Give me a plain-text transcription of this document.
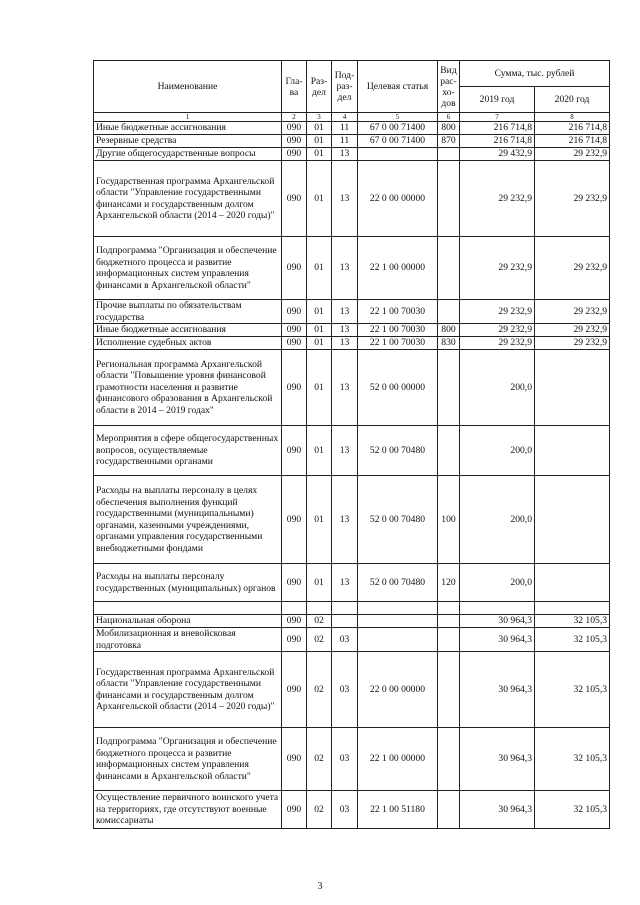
Наименование	Гла-ва	Раз-дел	Под-раз-дел	Целевая статья	Вид рас-хо-дов	Сумма, тыс. рублей	
						2019 год	2020 год
1	2	3	4	5	6	7	8
Иные бюджетные ассигнования	090	01	11	67 0 00 71400	800	216 714,8	216 714,8
Резервные средства	090	01	11	67 0 00 71400	870	216 714,8	216 714,8
Другие общегосударственные вопросы	090	01	13			29 432,9	29 232,9
Государственная программа Архангельской области "Управление государственными финансами и государственным долгом Архангельской области (2014 – 2020 годы)"	090	01	13	22 0 00 00000		29 232,9	29 232,9
Подпрограмма "Организация и обеспечение бюджетного процесса и развитие информационных систем управления финансами в Архангельской области"	090	01	13	22 1 00 00000		29 232,9	29 232,9
Прочие выплаты по обязательствам государства	090	01	13	22 1 00 70030		29 232,9	29 232,9
Иные бюджетные ассигнования	090	01	13	22 1 00 70030	800	29 232,9	29 232,9
Исполнение судебных актов	090	01	13	22 1 00 70030	830	29 232,9	29 232,9
Региональная программа Архангельской области "Повышение уровня финансовой грамотности населения и развитие финансового образования в Архангельской области в 2014 – 2019 годах"	090	01	13	52 0 00 00000		200,0	
Мероприятия в сфере общегосударственных вопросов, осуществляемые государственными органами	090	01	13	52 0 00 70480		200,0	
Расходы на выплаты персоналу в целях обеспечения выполнения функций государственными (муниципальными) органами, казенными учреждениями, органами управления государственными внебюджетными фондами	090	01	13	52 0 00 70480	100	200,0	
Расходы на выплаты персоналу государственных (муниципальных) органов	090	01	13	52 0 00 70480	120	200,0	

Национальная оборона	090	02				30 964,3	32 105,3
Мобилизационная и вневойсковая подготовка	090	02	03			30 964,3	32 105,3
Государственная программа Архангельской области "Управление государственными финансами и государственным долгом Архангельской области (2014 – 2020 годы)"	090	02	03	22 0 00 00000		30 964,3	32 105,3
Подпрограмма "Организация и обеспечение бюджетного процесса и развитие информационных систем управления финансами в Архангельской области"	090	02	03	22 1 00 00000		30 964,3	32 105,3
Осуществление первичного воинского учета на территориях, где отсутствуют военные комиссариаты	090	02	03	22 1 00 51180		30 964,3	32 105,3
3
